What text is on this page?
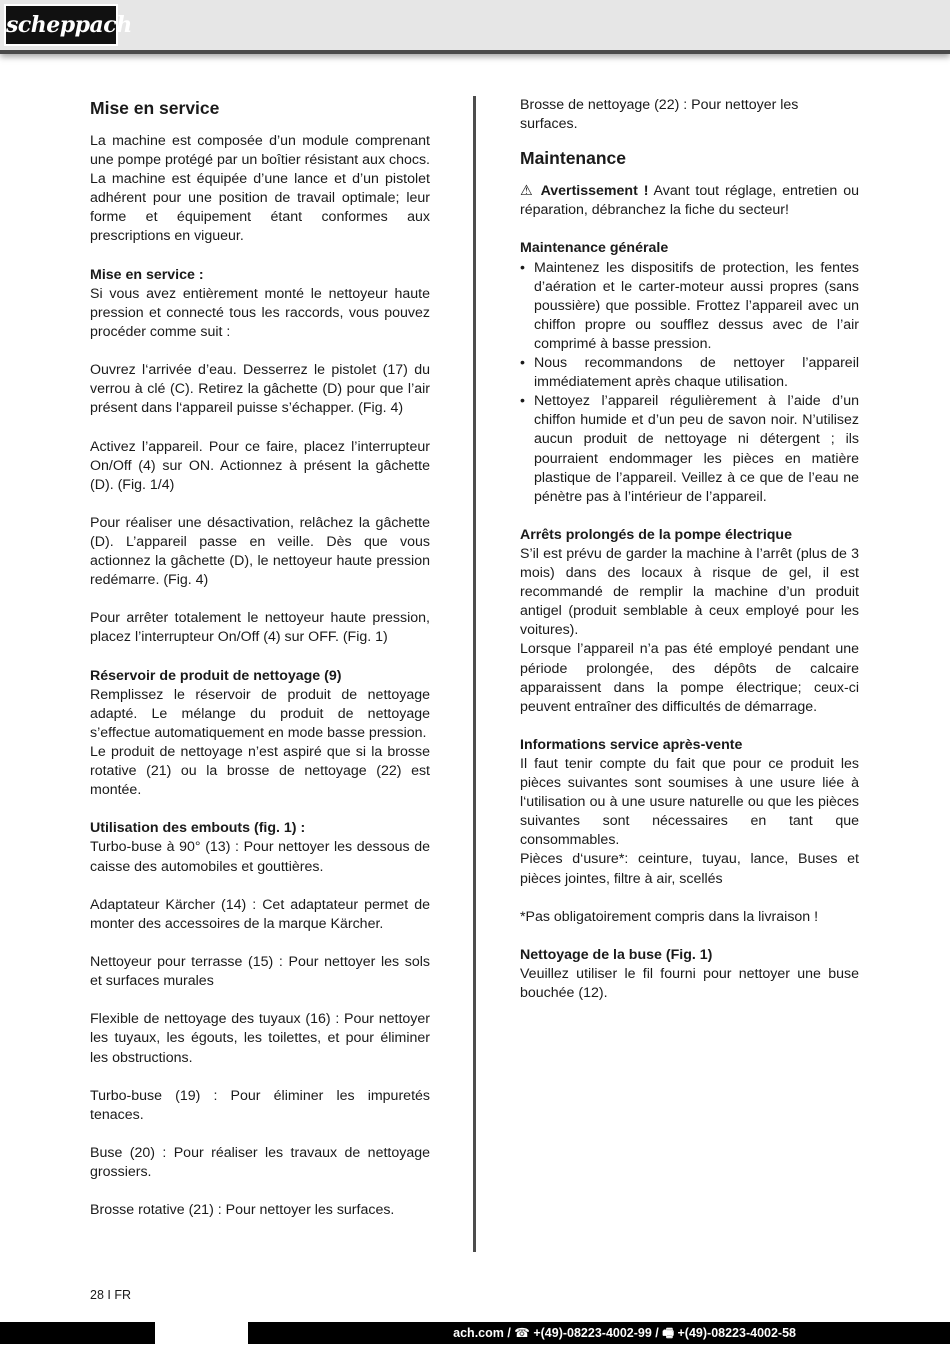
scheppach
Mise en service

La machine est composée d’un module comprenant une pompe protégé par un boîtier résistant aux chocs. La machine est équipée d’une lance et d’un pistolet adhérent pour une position de travail optimale; leur forme et équipement étant conformes aux prescriptions en vigueur.

Mise en service :

Si vous avez entièrement monté le nettoyeur haute pression et connecté tous les raccords, vous pouvez procéder comme suit :

Ouvrez l‘arrivée d’eau. Desserrez le pistolet (17) du verrou à clé (C). Retirez la gâchette (D) pour que l’air présent dans l‘appareil puisse s’échapper. (Fig. 4)

Activez l’appareil. Pour ce faire, placez l’interrupteur On/Off (4) sur ON. Actionnez à présent la gâchette (D). (Fig. 1/4)

Pour réaliser une désactivation, relâchez la gâchette (D). L’appareil passe en veille. Dès que vous actionnez la gâchette (D), le nettoyeur haute pression redémarre. (Fig. 4)

Pour arrêter totalement le nettoyeur haute pression, placez l’interrupteur On/Off (4) sur OFF. (Fig. 1)

Réservoir de produit de nettoyage (9)

Remplissez le réservoir de produit de nettoyage adapté. Le mélange du produit de nettoyage s’effectue automatiquement en mode basse pression.

Le produit de nettoyage n’est aspiré que si la brosse rotative (21) ou la brosse de nettoyage (22) est montée.

Utilisation des embouts (fig. 1) :

Turbo-buse à 90° (13) : Pour nettoyer les dessous de caisse des automobiles et gouttières.

Adaptateur Kärcher (14) : Cet adaptateur permet de monter des accessoires de la marque Kärcher.

Nettoyeur pour terrasse (15) : Pour nettoyer les sols et surfaces murales

Flexible de nettoyage des tuyaux (16) : Pour nettoyer les tuyaux, les égouts, les toilettes, et pour éliminer les obstructions.

Turbo-buse (19) : Pour éliminer les impuretés tenaces.

Buse (20) : Pour réaliser les travaux de nettoyage grossiers.

Brosse rotative (21) : Pour nettoyer les surfaces.

Brosse de nettoyage (22) : Pour nettoyer les surfaces.

Maintenance

⚠ Avertissement ! Avant tout réglage, entretien ou réparation, débranchez la fiche du secteur!

Maintenance générale
• Maintenez les dispositifs de protection, les fentes d’aération et le carter-moteur aussi propres (sans poussière) que possible. Frottez l’appareil avec un chiffon propre ou soufflez dessus avec de l’air comprimé à basse pression.
• Nous recommandons de nettoyer l’appareil immédiatement après chaque utilisation.
• Nettoyez l’appareil régulièrement à l’aide d’un chiffon humide et d’un peu de savon noir. N’utilisez aucun produit de nettoyage ni détergent ; ils pourraient endommager les pièces en matière plastique de l’appareil. Veillez à ce que de l’eau ne pénètre pas à l’intérieur de l’appareil.
Arrêts prolongés de la pompe électrique

S’il est prévu de garder la machine à l’arrêt (plus de 3 mois) dans des locaux à risque de gel, il est recommandé de remplir la machine d’un produit antigel (produit semblable à ceux employé pour les voitures).

Lorsque l’appareil n’a pas été employé pendant une période prolongée, des dépôts de calcaire apparaissent dans la pompe électrique; ceux-ci peuvent entraîner des difficultés de démarrage.

Informations service après-vente

Il faut tenir compte du fait que pour ce produit les pièces suivantes sont soumises à une usure liée à l‘utilisation ou à une usure naturelle ou que les pièces suivantes sont nécessaires en tant que consommables.

Pièces d‘usure*: ceinture, tuyau, lance, Buses et pièces jointes, filtre à air, scellés

*Pas obligatoirement compris dans la livraison !

Nettoyage de la buse (Fig. 1)

Veuillez utiliser le fil fourni pour nettoyer une buse bouchée (12).

28 I FR
ach.com / ☎ +(49)-08223-4002-99 / 🖷 +(49)-08223-4002-58
